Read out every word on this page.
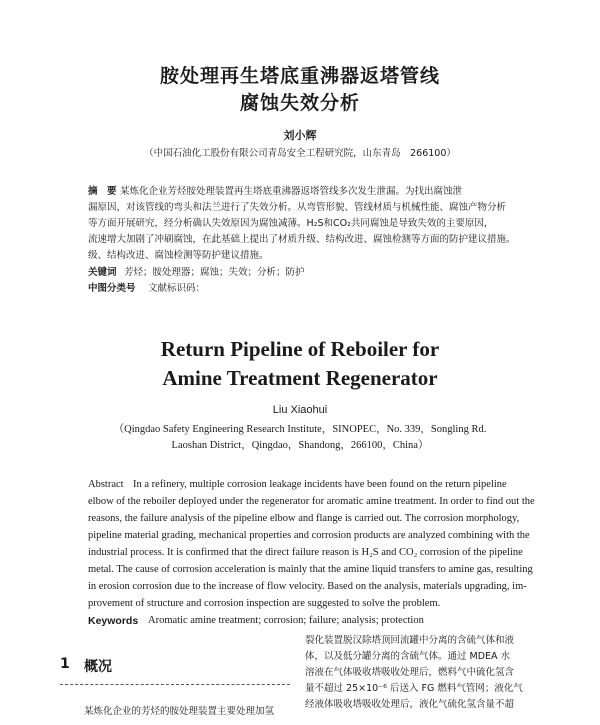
胺处理再生塔底重沸器返塔管线
腐蚀失效分析
刘小辉
（中国石油化工股份有限公司青岛安全工程研究院，山东青岛　266100）
摘　要 某炼化企业芳烃胺处理装置再生塔底重沸器返塔管线多次发生泄漏。为找出腐蚀泄
漏原因，对该管线的弯头和法兰进行了失效分析。从弯管形貌、管线材质与机械性能、腐蚀产物分析
等方面开展研究，经分析确认失效原因为腐蚀减薄。H₂S和CO₂共同腐蚀是导致失效的主要原因，
流速增大加剧了冲刷腐蚀，在此基础上提出了材质升级、结构改进、腐蚀检测等方面的防护建议措施。
级、结构改进、腐蚀检测等防护建议措施。
关键词 芳烃；胺处理器；腐蚀；失效；分析；防护
中图分类号 文献标识码：
Return Pipeline of Reboiler for
Amine Treatment Regenerator
Liu Xiaohui
（Qingdao Safety Engineering Research Institute，SINOPEC，No. 339，Songling Rd.
Laoshan District，Qingdao，Shandong，266100，China）
Abstract In a refinery, multiple corrosion leakage incidents have been found on the return pipeline
elbow of the reboiler deployed under the regenerator for aromatic amine treatment. In order to find out the
reasons, the failure analysis of the pipeline elbow and flange is carried out. The corrosion morphology,
pipeline material grading, mechanical properties and corrosion products are analyzed combining with the
industrial process. It is confirmed that the direct failure reason is H₂S and CO₂ corrosion of the pipeline
metal. The cause of corrosion acceleration is mainly that the amine liquid transfers to amine gas, resulting
in erosion corrosion due to the increase of flow velocity. Based on the analysis, materials upgrading, im-
provement of structure and corrosion inspection are suggested to solve the problem.
Keywords Aromatic amine treatment; corrosion; failure; analysis; protection
1 概况
某炼化企业的芳烃的胺处理装置主要处理加氢
裂化装置脱汉除塔顶回流罐中分离的含硫气体和液
体，以及低分罐分离的含硫气体。通过 MDEA 水
溶液在气体吸收塔吸收处理后，燃料气中硫化氢含
量不超过 25×10⁻⁶ 后送入 FG 燃料气管网；液化气
经液体吸收塔吸收处理后，液化气硫化氢含量不超
